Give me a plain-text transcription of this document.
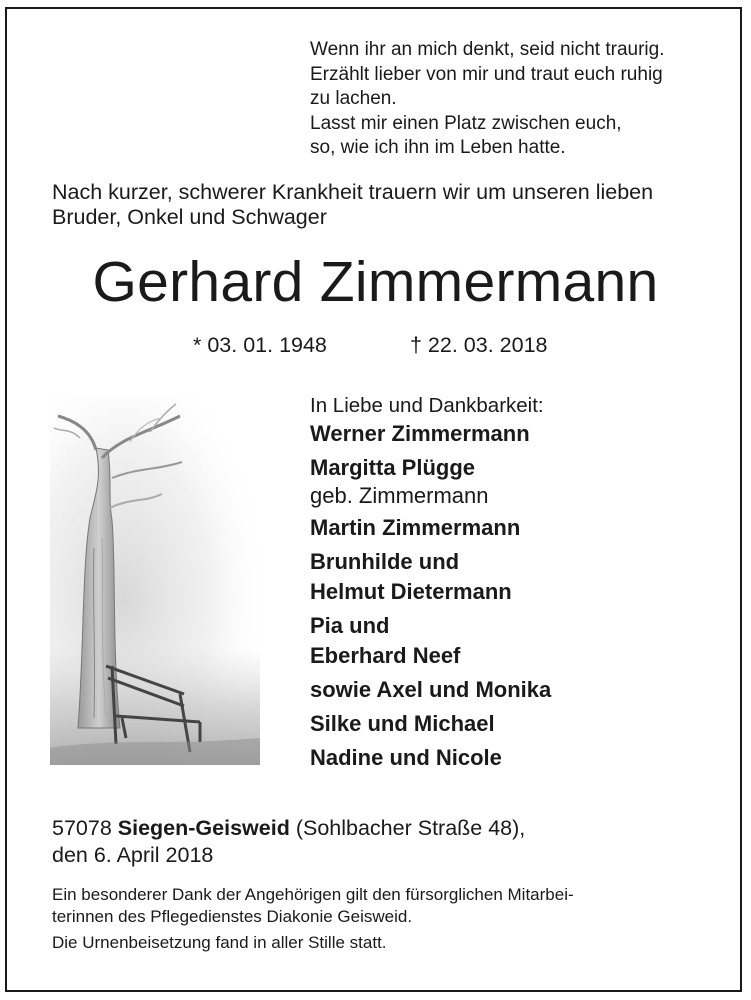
Wenn ihr an mich denkt, seid nicht traurig.
Erzählt lieber von mir und traut euch ruhig
zu lachen.
Lasst mir einen Platz zwischen euch,
so, wie ich ihn im Leben hatte.
Nach kurzer, schwerer Krankheit trauern wir um unseren lieben
Bruder, Onkel und Schwager
Gerhard Zimmermann
* 03. 01. 1948	† 22. 03. 2018
In Liebe und Dankbarkeit:
Werner Zimmermann
Margitta Plügge
geb. Zimmermann
Martin Zimmermann
Brunhilde und
Helmut Dietermann
Pia und
Eberhard Neef
sowie Axel und Monika
Silke und Michael
Nadine und Nicole
57078 Siegen-Geisweid (Sohlbacher Straße 48),
den 6. April 2018
Ein besonderer Dank der Angehörigen gilt den fürsorglichen Mitarbei-
terinnen des Pflegedienstes Diakonie Geisweid.
Die Urnenbeisetzung fand in aller Stille statt.
